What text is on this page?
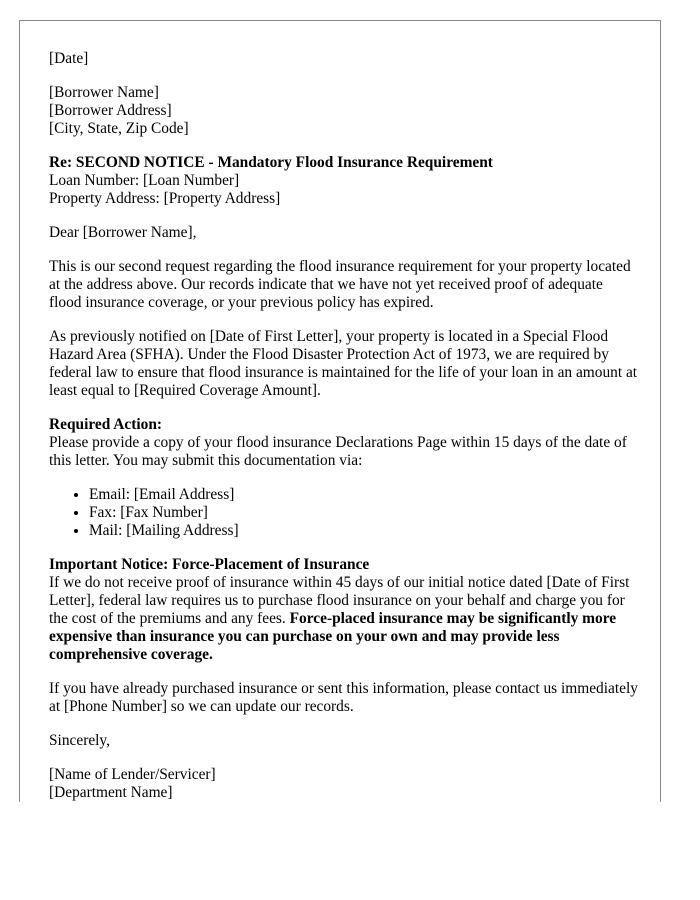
[Date]

[Borrower Name]
[Borrower Address]
[City, State, Zip Code]

Re: SECOND NOTICE - Mandatory Flood Insurance Requirement
Loan Number: [Loan Number]
Property Address: [Property Address]

Dear [Borrower Name],

This is our second request regarding the flood insurance requirement for your property located at the address above. Our records indicate that we have not yet received proof of adequate flood insurance coverage, or your previous policy has expired.

As previously notified on [Date of First Letter], your property is located in a Special Flood Hazard Area (SFHA). Under the Flood Disaster Protection Act of 1973, we are required by federal law to ensure that flood insurance is maintained for the life of your loan in an amount at least equal to [Required Coverage Amount].

Required Action:

Please provide a copy of your flood insurance Declarations Page within 15 days of the date of this letter. You may submit this documentation via:

• Email: [Email Address]
• Fax: [Fax Number]
• Mail: [Mailing Address]
Important Notice: Force-Placement of Insurance

If we do not receive proof of insurance within 45 days of our initial notice dated [Date of First Letter], federal law requires us to purchase flood insurance on your behalf and charge you for the cost of the premiums and any fees. Force-placed insurance may be significantly more expensive than insurance you can purchase on your own and may provide less comprehensive coverage.

If you have already purchased insurance or sent this information, please contact us immediately at [Phone Number] so we can update our records.

Sincerely,

[Name of Lender/Servicer]
[Department Name]
